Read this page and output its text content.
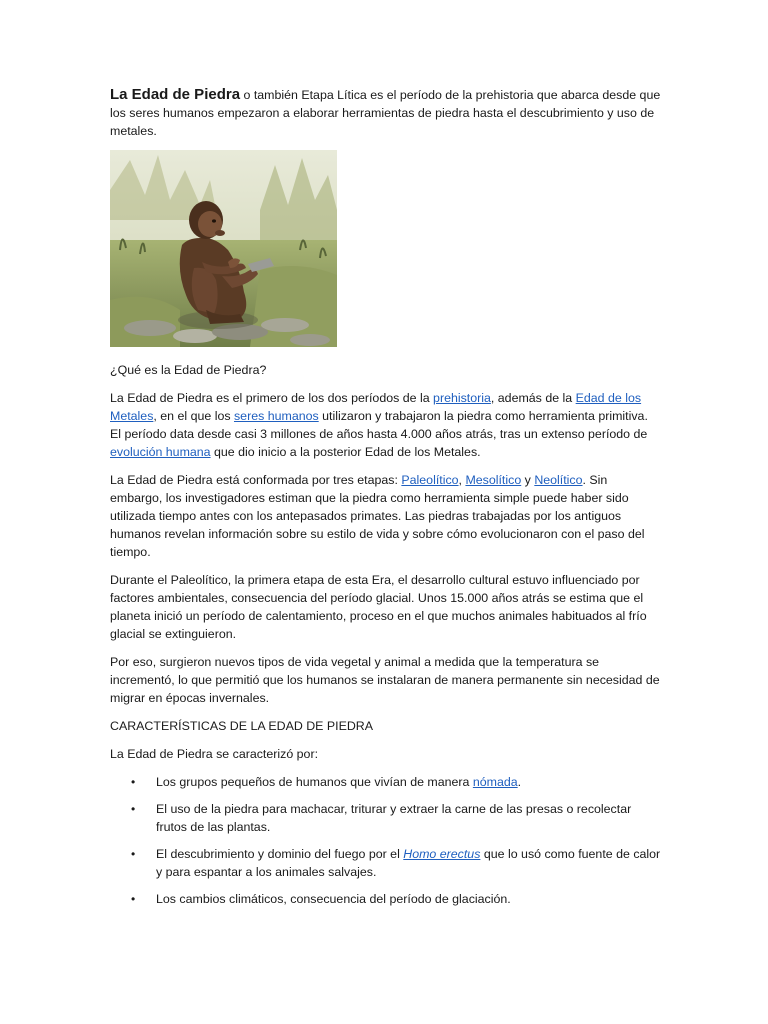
La Edad de Piedra o también Etapa Lítica es el período de la prehistoria que abarca desde que los seres humanos empezaron a elaborar herramientas de piedra hasta el descubrimiento y uso de metales.

¿Qué es la Edad de Piedra?

La Edad de Piedra es el primero de los dos períodos de la prehistoria, además de la Edad de los Metales, en el que los seres humanos utilizaron y trabajaron la piedra como herramienta primitiva. El período data desde casi 3 millones de años hasta 4.000 años atrás, tras un extenso período de evolución humana que dio inicio a la posterior Edad de los Metales.

La Edad de Piedra está conformada por tres etapas: Paleolítico, Mesolítico y Neolítico. Sin embargo, los investigadores estiman que la piedra como herramienta simple puede haber sido utilizada tiempo antes con los antepasados primates. Las piedras trabajadas por los antiguos humanos revelan información sobre su estilo de vida y sobre cómo evolucionaron con el paso del tiempo.

Durante el Paleolítico, la primera etapa de esta Era, el desarrollo cultural estuvo influenciado por factores ambientales, consecuencia del período glacial. Unos 15.000 años atrás se estima que el planeta inició un período de calentamiento, proceso en el que muchos animales habituados al frío glacial se extinguieron.

Por eso, surgieron nuevos tipos de vida vegetal y animal a medida que la temperatura se incrementó, lo que permitió que los humanos se instalaran de manera permanente sin necesidad de migrar en épocas invernales.

CARACTERÍSTICAS DE LA EDAD DE PIEDRA

La Edad de Piedra se caracterizó por:

• Los grupos pequeños de humanos que vivían de manera nómada.
• El uso de la piedra para machacar, triturar y extraer la carne de las presas o recolectar frutos de las plantas.
• El descubrimiento y dominio del fuego por el Homo erectus que lo usó como fuente de calor y para espantar a los animales salvajes.
• Los cambios climáticos, consecuencia del período de glaciación.
